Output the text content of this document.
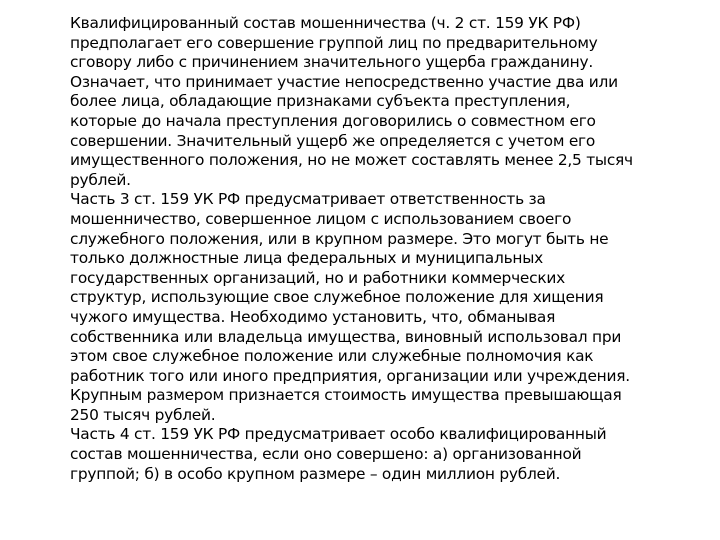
Квалифицированный состав мошенничества (ч. 2 ст. 159 УК РФ)
предполагает его совершение группой лиц по предварительному
сговору либо с причинением значительного ущерба гражданину.
Означает, что принимает участие непосредственно участие два или
более лица, обладающие признаками субъекта преступления,
которые до начала преступления договорились о совместном его
совершении. Значительный ущерб же определяется с учетом его
имущественного положения, но не может составлять менее 2,5 тысяч
рублей.
Часть 3 ст. 159 УК РФ предусматривает ответственность за
мошенничество, совершенное лицом с использованием своего
служебного положения, или в крупном размере. Это могут быть не
только должностные лица федеральных и муниципальных
государственных организаций, но и работники коммерческих
структур, использующие свое служебное положение для хищения
чужого имущества. Необходимо установить, что, обманывая
собственника или владельца имущества, виновный использовал при
этом свое служебное положение или служебные полномочия как
работник того или иного предприятия, организации или учреждения.
Крупным размером признается стоимость имущества превышающая
250 тысяч рублей.
Часть 4 ст. 159 УК РФ предусматривает особо квалифицированный
состав мошенничества, если оно совершено: а) организованной
группой; б) в особо крупном размере – один миллион рублей.
